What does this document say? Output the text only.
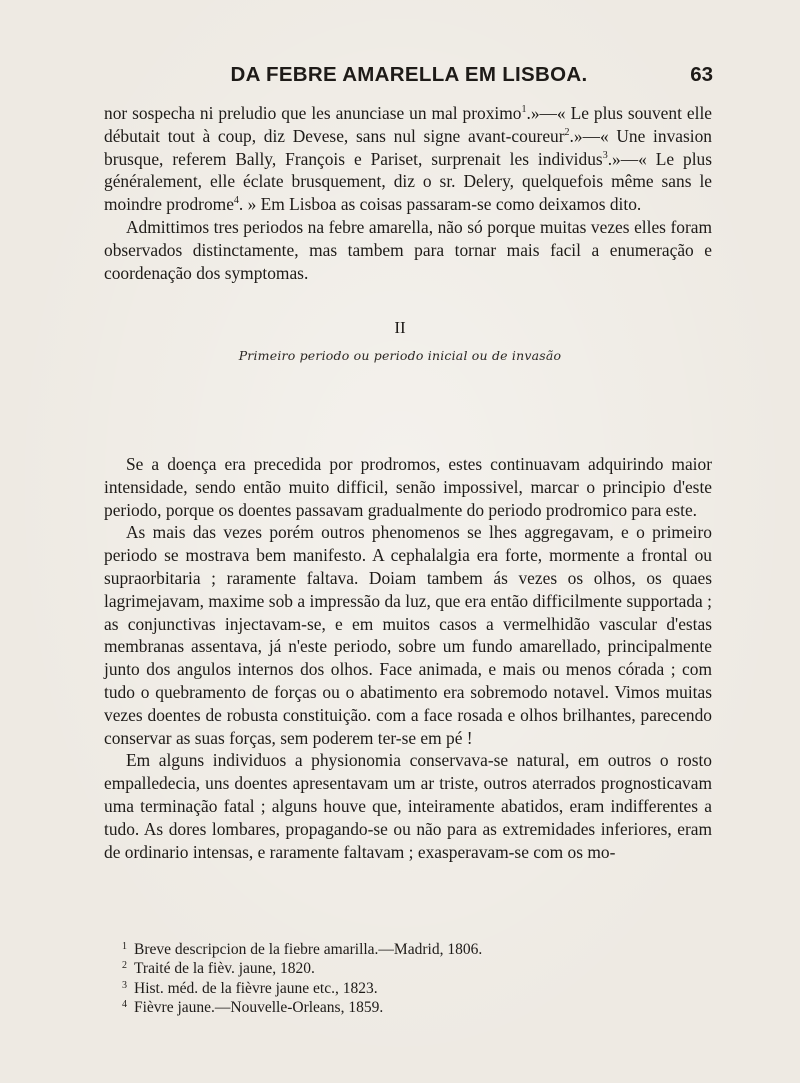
DA FEBRE AMARELLA EM LISBOA.	63

nor sospecha ni preludio que les anunciase un mal proximo$^1$.»—« Le plus souvent elle débutait tout à coup, diz Devese, sans nul signe avant-coureur$^2$.»—« Une invasion brusque, referem Bally, François e Pariset, surprenait les individus$^3$.»—« Le plus généralement, elle éclate brusquement, diz o sr. Delery, quelquefois même sans le moindre prodrome$^4$. » Em Lisboa as coisas passaram-se como deixamos dito.

Admittimos tres periodos na febre amarella, não só porque muitas vezes elles foram observados distinctamente, mas tambem para tornar mais facil a enumeração e coordenação dos symptomas.

II
Primeiro periodo ou periodo inicial ou de invasão

Se a doença era precedida por prodromos, estes continuavam adquirindo maior intensidade, sendo então muito difficil, senão impossivel, marcar o principio d'este periodo, porque os doentes passavam gradualmente do periodo prodromico para este.

As mais das vezes porém outros phenomenos se lhes aggregavam, e o primeiro periodo se mostrava bem manifesto. A cephalalgia era forte, mormente a frontal ou supraorbitaria ; raramente faltava. Doiam tambem ás vezes os olhos, os quaes lagrimejavam, maxime sob a impressão da luz, que era então difficilmente supportada ; as conjunctivas injectavam-se, e em muitos casos a vermelhidão vascular d'estas membranas assentava, já n'este periodo, sobre um fundo amarellado, principalmente junto dos angulos internos dos olhos. Face animada, e mais ou menos córada ; com tudo o quebramento de forças ou o abatimento era sobremodo notavel. Vimos muitas vezes doentes de robusta constituição. com a face rosada e olhos brilhantes, parecendo conservar as suas forças, sem poderem ter-se em pé !

Em alguns individuos a physionomia conservava-se natural, em outros o rosto empalledecia, uns doentes apresentavam um ar triste, outros aterrados prognosticavam uma terminação fatal ; alguns houve que, inteiramente abatidos, eram indifferentes a tudo. As dores lombares, propagando-se ou não para as extremidades inferiores, eram de ordinario intensas, e raramente faltavam ; exasperavam-se com os mo-

1 Breve descripcion de la fiebre amarilla.—Madrid, 1806.
2 Traité de la fièv. jaune, 1820.
3 Hist. méd. de la fièvre jaune etc., 1823.
4 Fièvre jaune.—Nouvelle-Orleans, 1859.
